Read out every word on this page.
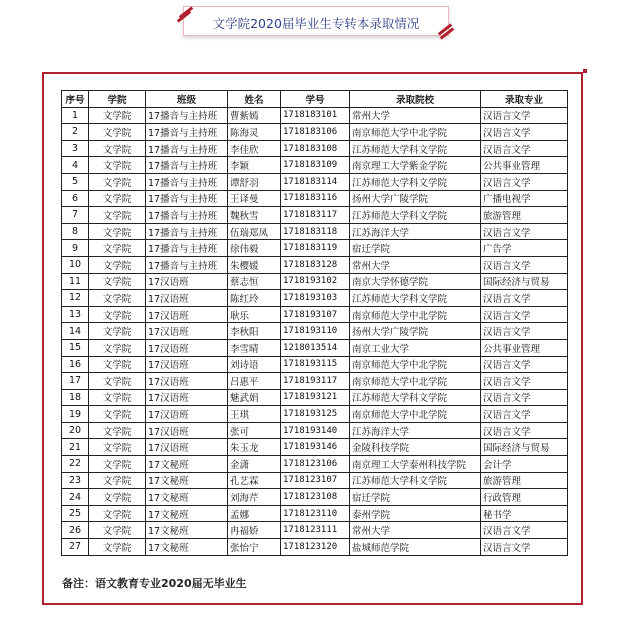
文学院2020届毕业生专转本录取情况
序号	学院	班级	姓名	学号	录取院校	录取专业
1	文学院	17播音与主持班	曹紫嫣	1718183101	常州大学	汉语言文学
2	文学院	17播音与主持班	陈海灵	1718183106	南京师范大学中北学院	汉语言文学
3	文学院	17播音与主持班	李佳欣	1718183108	江苏师范大学科文学院	汉语言文学
4	文学院	17播音与主持班	李颖	1718183109	南京理工大学紫金学院	公共事业管理
5	文学院	17播音与主持班	谭舒羽	1718183114	江苏师范大学科文学院	汉语言文学
6	文学院	17播音与主持班	王译曼	1718183116	扬州大学广陵学院	广播电视学
7	文学院	17播音与主持班	魏秋雪	1718183117	江苏师范大学科文学院	旅游管理
8	文学院	17播音与主持班	伍瑞郑凤	1718183118	江苏海洋大学	汉语言文学
9	文学院	17播音与主持班	徐伟毅	1718183119	宿迁学院	广告学
10	文学院	17播音与主持班	朱樱媛	1718183128	常州大学	汉语言文学
11	文学院	17汉语班	蔡志恒	1718193102	南京大学怀德学院	国际经济与贸易
12	文学院	17汉语班	陈红玲	1718193103	江苏师范大学科文学院	汉语言文学
13	文学院	17汉语班	耿乐	1718193107	南京师范大学中北学院	汉语言文学
14	文学院	17汉语班	李秋阳	1718193110	扬州大学广陵学院	汉语言文学
15	文学院	17汉语班	李雪晴	1218013514	南京工业大学	公共事业管理
16	文学院	17汉语班	刘诗语	1718193115	南京师范大学中北学院	汉语言文学
17	文学院	17汉语班	吕惠平	1718193117	南京师范大学中北学院	汉语言文学
18	文学院	17汉语班	魅武娟	1718193121	江苏师范大学科文学院	汉语言文学
19	文学院	17汉语班	王琪	1718193125	南京师范大学中北学院	汉语言文学
20	文学院	17汉语班	张可	1718193140	江苏海洋大学	汉语言文学
21	文学院	17汉语班	朱玉龙	1718193146	金陵科技学院	国际经济与贸易
22	文学院	17文秘班	金潇	1718123106	南京理工大学泰州科技学院	会计学
23	文学院	17文秘班	孔艺霖	1718123107	江苏师范大学科文学院	旅游管理
24	文学院	17文秘班	刘海芹	1718123108	宿迁学院	行政管理
25	文学院	17文秘班	孟娜	1718123110	泰州学院	秘书学
26	文学院	17文秘班	冉福娇	1718123111	常州大学	汉语言文学
27	文学院	17文秘班	张怡宁	1718123120	盐城师范学院	汉语言文学
备注：语文教育专业2020届无毕业生
